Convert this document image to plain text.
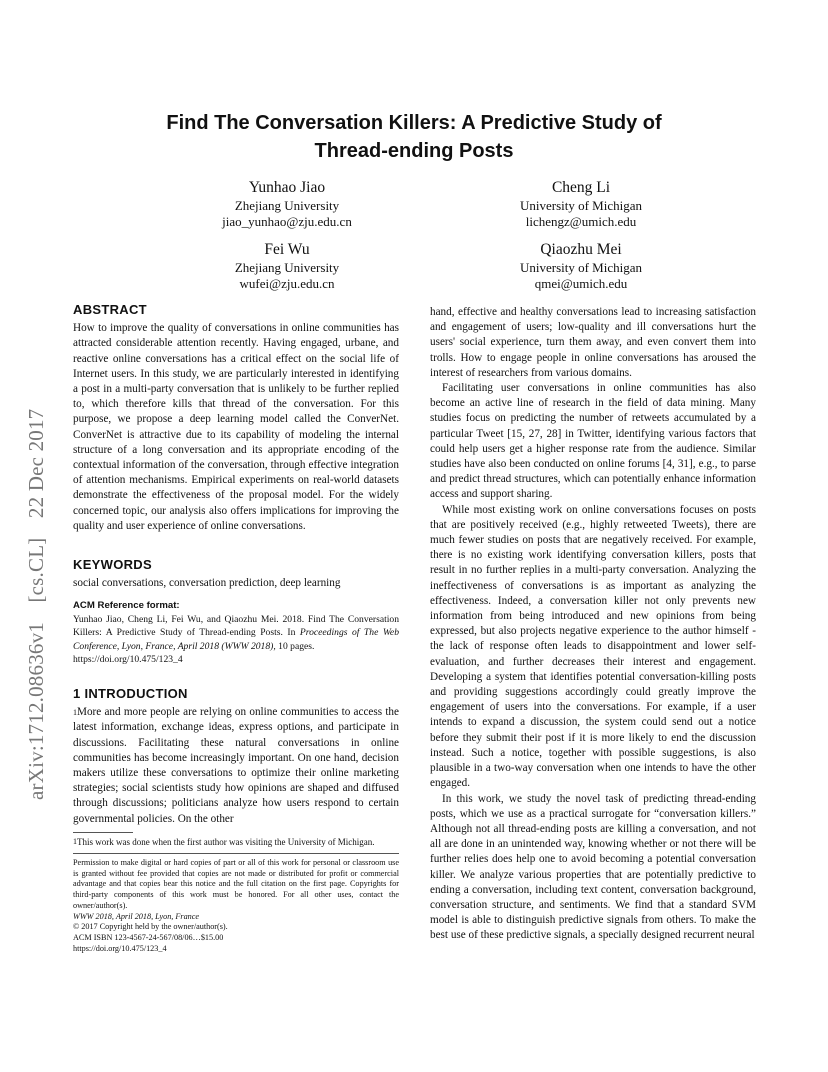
arXiv:1712.08636v1 [cs.CL] 22 Dec 2017
Find The Conversation Killers: A Predictive Study of
Thread-ending Posts
Yunhao Jiao
Zhejiang University
jiao_yunhao@zju.edu.cn
Cheng Li
University of Michigan
lichengz@umich.edu
Fei Wu
Zhejiang University
wufei@zju.edu.cn
Qiaozhu Mei
University of Michigan
qmei@umich.edu
ABSTRACT

How to improve the quality of conversations in online communities has attracted considerable attention recently. Having engaged, urbane, and reactive online conversations has a critical effect on the social life of Internet users. In this study, we are particularly interested in identifying a post in a multi-party conversation that is unlikely to be further replied to, which therefore kills that thread of the conversation. For this purpose, we propose a deep learning model called the ConverNet. ConverNet is attractive due to its capability of modeling the internal structure of a long conversation and its appropriate encoding of the contextual information of the conversation, through effective integration of attention mechanisms. Empirical experiments on real-world datasets demonstrate the effectiveness of the proposal model. For the widely concerned topic, our analysis also offers implications for improving the quality and user experience of online conversations.

KEYWORDS

social conversations, conversation prediction, deep learning

ACM Reference format:

Yunhao Jiao, Cheng Li, Fei Wu, and Qiaozhu Mei. 2018. Find The Conversation Killers: A Predictive Study of Thread-ending Posts. In Proceedings of The Web Conference, Lyon, France, April 2018 (WWW 2018), 10 pages.

https://doi.org/10.475/123_4
1 INTRODUCTION

$^1$More and more people are relying on online communities to access the latest information, exchange ideas, express options, and participate in discussions. Facilitating these natural conversations in online communities has become increasingly important. On one hand, decision makers utilize these conversations to optimize their online marketing strategies; social scientists study how opinions are shaped and diffused through discussions; politicians analyze how users respond to certain governmental policies. On the other

1This work was done when the first author was visiting the University of Michigan.

Permission to make digital or hard copies of part or all of this work for personal or classroom use is granted without fee provided that copies are not made or distributed for profit or commercial advantage and that copies bear this notice and the full citation on the first page. Copyrights for third-party components of this work must be honored. For all other uses, contact the owner/author(s).

WWW 2018, April 2018, Lyon, France
© 2017 Copyright held by the owner/author(s).
ACM ISBN 123-4567-24-567/08/06…$15.00
https://doi.org/10.475/123_4

hand, effective and healthy conversations lead to increasing satisfaction and engagement of users; low-quality and ill conversations hurt the users' social experience, turn them away, and even convert them into trolls. How to engage people in online conversations has aroused the interest of researchers from various domains.

Facilitating user conversations in online communities has also become an active line of research in the field of data mining. Many studies focus on predicting the number of retweets accumulated by a particular Tweet [15, 27, 28] in Twitter, identifying various factors that could help users get a higher response rate from the audience. Similar studies have also been conducted on online forums [4, 31], e.g., to parse and predict thread structures, which can potentially enhance information access and support sharing.

While most existing work on online conversations focuses on posts that are positively received (e.g., highly retweeted Tweets), there are much fewer studies on posts that are negatively received. For example, there is no existing work identifying conversation killers, posts that result in no further replies in a multi-party conversation. Analyzing the ineffectiveness of conversations is as important as analyzing the effectiveness. Indeed, a conversation killer not only prevents new information from being introduced and new opinions from being expressed, but also projects negative experience to the author himself - the lack of response often leads to disappointment and lower self-evaluation, and further decreases their interest and engagement. Developing a system that identifies potential conversation-killing posts and providing suggestions accordingly could greatly improve the engagement of users into the conversations. For example, if a user intends to expand a discussion, the system could send out a notice before they submit their post if it is more likely to end the discussion instead. Such a notice, together with possible suggestions, is also plausible in a two-way conversation when one intends to have the other engaged.

In this work, we study the novel task of predicting thread-ending posts, which we use as a practical surrogate for “conversation killers.” Although not all thread-ending posts are killing a conversation, and not all are done in an unintended way, knowing whether or not there will be further relies does help one to avoid becoming a potential conversation killer. We analyze various properties that are potentially predictive to ending a conversation, including text content, conversation background, conversation structure, and sentiments. We find that a standard SVM model is able to distinguish predictive signals from others. To make the best use of these predictive signals, a specially designed recurrent neural
